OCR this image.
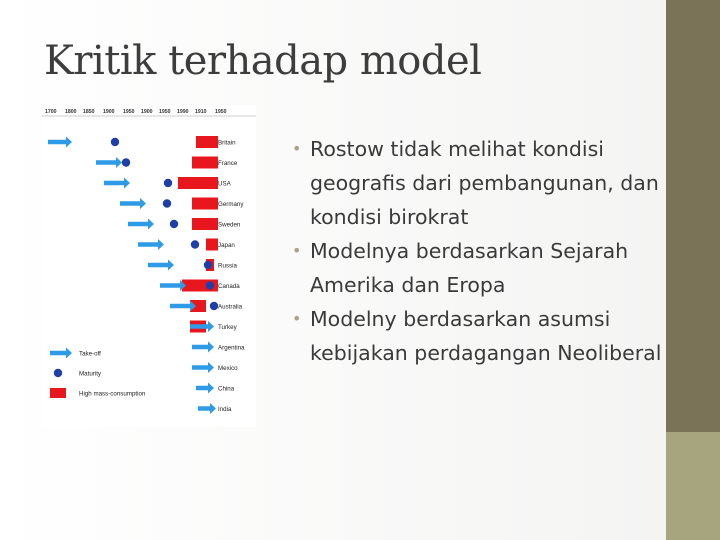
Kritik terhadap model
1700 1800 1850 1900 1950 1900 1950 1990 1910 1950
Britain
France
USA
Germany
Sweden
Japan
Russia
Canada
Australia
Turkey
Argentina
Mexico
China
India
Take-off
Maturity
High mass-consumption
• Rostow tidak melihat kondisi geografis dari pembangunan, dan kondisi birokrat
• Modelnya berdasarkan Sejarah Amerika dan Eropa
• Modelny berdasarkan asumsi kebijakan perdagangan Neoliberal
